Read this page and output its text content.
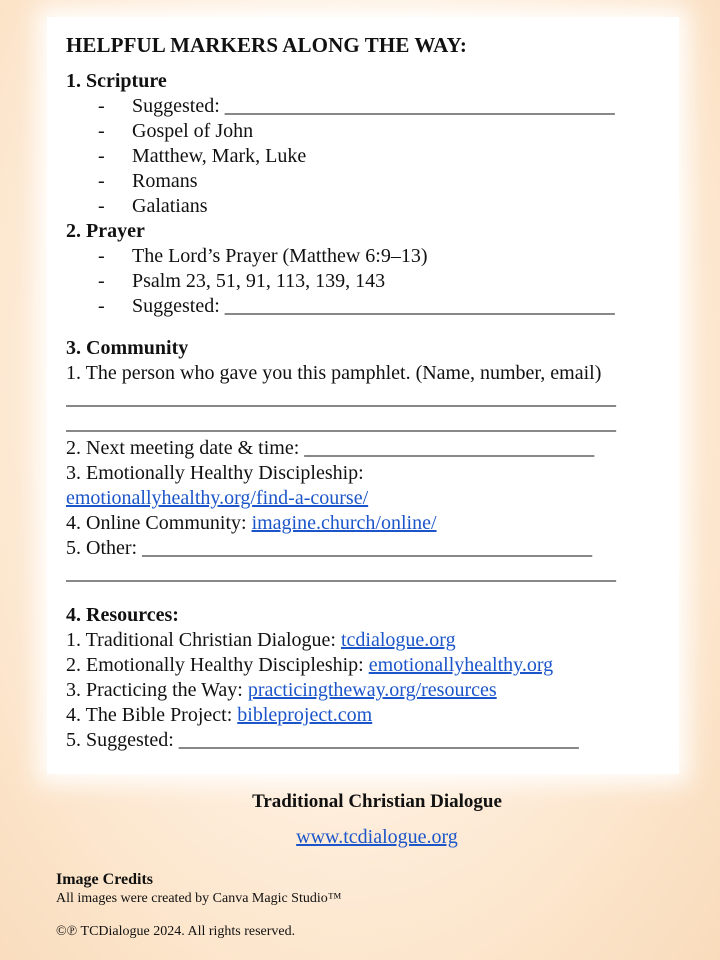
HELPFUL MARKERS ALONG THE WAY:
1. Scripture
- Suggested: _______________________________________
- Gospel of John
- Matthew, Mark, Luke
- Romans
- Galatians
2. Prayer
- The Lord’s Prayer (Matthew 6:9–13)
- Psalm 23, 51, 91, 113, 139, 143
- Suggested: _______________________________________
3. Community
1. The person who gave you this pamphlet. (Name, number, email)
_______________________________________________________
_______________________________________________________
2. Next meeting date & time: _____________________________
3. Emotionally Healthy Discipleship:
emotionallyhealthy.org/find-a-course/
4. Online Community: imagine.church/online/
5. Other: _____________________________________________
_______________________________________________________
4. Resources:
1. Traditional Christian Dialogue: tcdialogue.org
2. Emotionally Healthy Discipleship: emotionallyhealthy.org
3. Practicing the Way: practicingtheway.org/resources
4. The Bible Project: bibleproject.com
5. Suggested: ________________________________________
Traditional Christian Dialogue
www.tcdialogue.org
Image Credits
All images were created by Canva Magic Studio™
©℗ TCDialogue 2024. All rights reserved.
